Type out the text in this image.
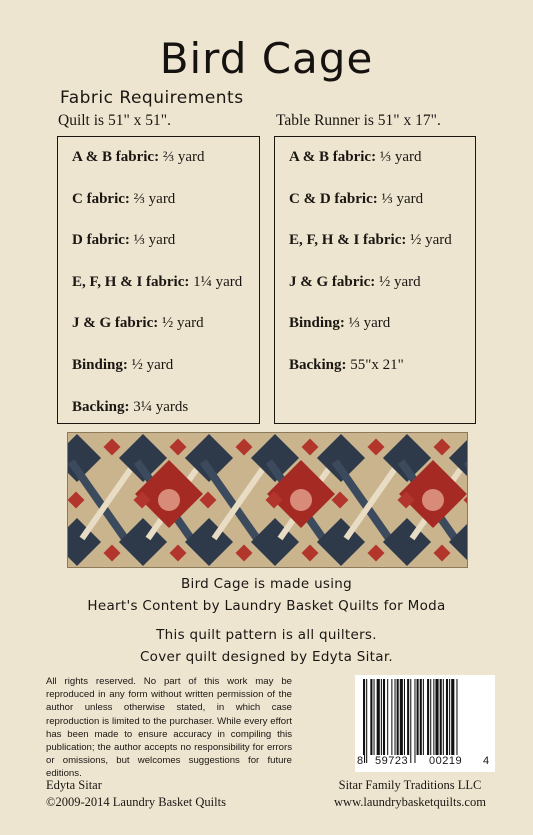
Bird Cage
Fabric Requirements
Quilt is 51" x 51".	Table Runner is 51" x 17".
A & B fabric: ⅔ yard
C fabric: ⅔ yard
D fabric: ⅓ yard
E, F, H & I fabric: 1¼ yard
J & G fabric: ½ yard
Binding: ½ yard
Backing: 3¼ yards
A & B fabric: ⅓ yard
C & D fabric: ⅓ yard
E, F, H & I fabric: ½ yard
J & G fabric: ½ yard
Binding: ⅓ yard
Backing: 55"x 21"
Bird Cage is made using
Heart's Content by Laundry Basket Quilts for Moda
This quilt pattern is all quilters.
Cover quilt designed by Edyta Sitar.
All rights reserved. No part of this work may be reproduced in any form without written permission of the author unless otherwise stated, in which case reproduction is limited to the purchaser. While every effort has been made to ensure accuracy in compiling this publication; the author accepts no responsibility for errors or omissions, but welcomes suggestions for future editions.
Edyta Sitar
©2009-2014 Laundry Basket Quilts
Sitar Family Traditions LLC
www.laundrybasketquilts.com
8 59723 00219 4
